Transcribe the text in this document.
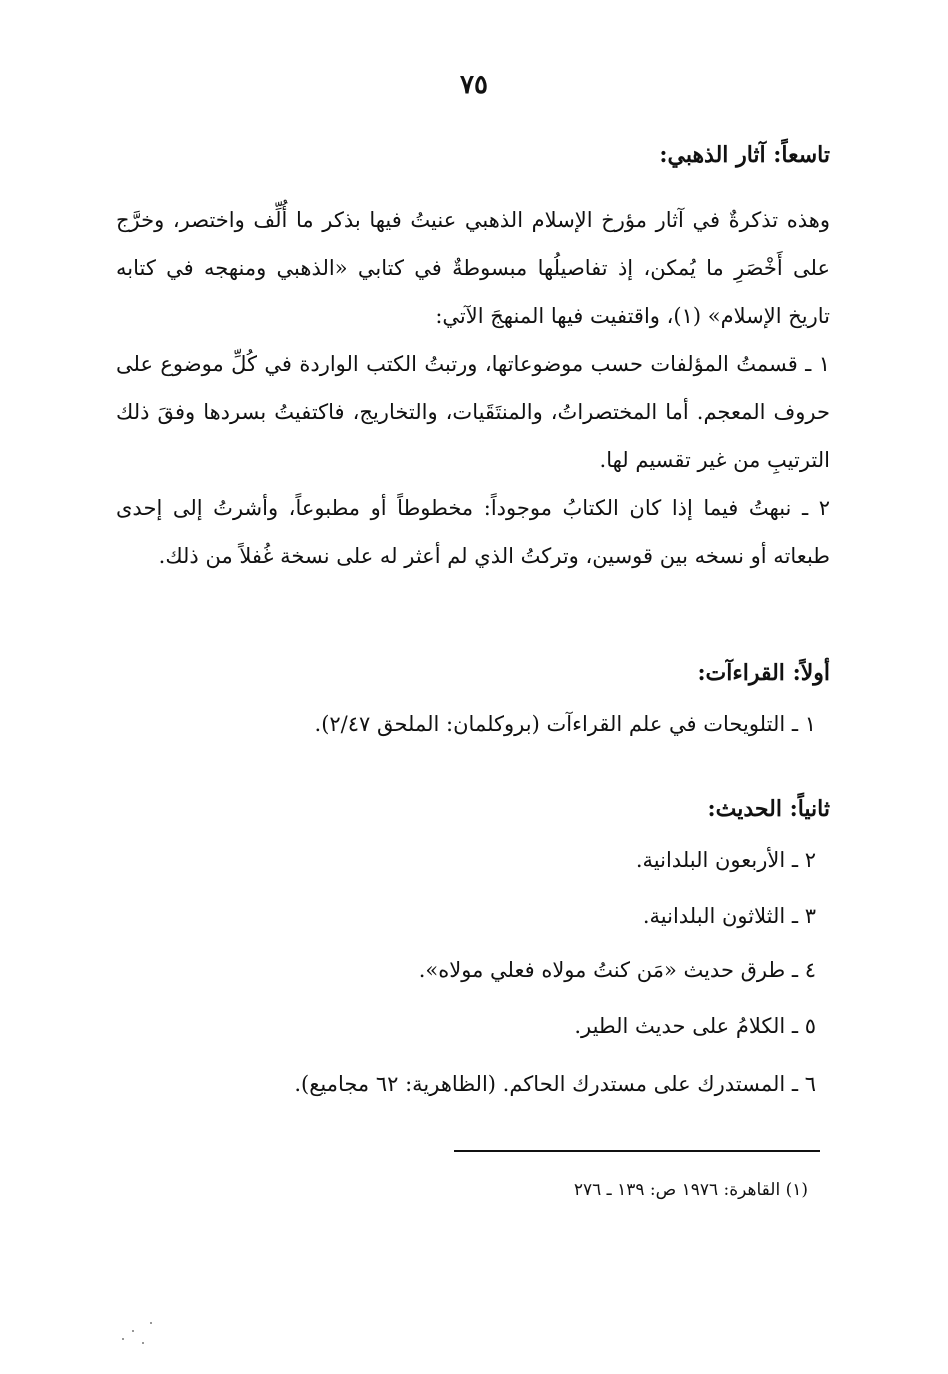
٧٥
تاسعاً: آثار الذهبي:

وهذه تذكرةٌ في آثار مؤرخ الإسلام الذهبي عنيتُ فيها بذكر ما أُلِّف واختصر، وخرَّج على أَخْصَرِ ما يُمكن، إذ تفاصيلُها مبسوطةٌ في كتابي «الذهبي ومنهجه في كتابه تاريخ الإسلام» (١)، واقتفيت فيها المنهجَ الآتي:

١ ـ قسمتُ المؤلفات حسب موضوعاتها، ورتبتُ الكتب الواردة في كُلِّ موضوع على حروف المعجم. أما المختصراتُ، والمنتَقَيات، والتخاريج، فاكتفيتُ بسردها وفقَ ذلك الترتيبِ من غير تقسيم لها.

٢ ـ نبهتُ فيما إذا كان الكتابُ موجوداً: مخطوطاً أو مطبوعاً، وأشرتُ إلى إحدى طبعاته أو نسخه بين قوسين، وتركتُ الذي لم أعثر له على نسخة غُفلاً من ذلك.

أولاً: القراءآت:
١ ـ التلويحات في علم القراءآت (بروكلمان: الملحق ٢/٤٧).
ثانياً: الحديث:
٢ ـ الأربعون البلدانية.
٣ ـ الثلاثون البلدانية.
٤ ـ طرق حديث «مَن كنتُ مولاه فعلي مولاه».
٥ ـ الكلامُ على حديث الطير.
٦ ـ المستدرك على مستدرك الحاكم. (الظاهرية: ٦٢ مجاميع).
(١) القاهرة: ١٩٧٦ ص: ١٣٩ ـ ٢٧٦
